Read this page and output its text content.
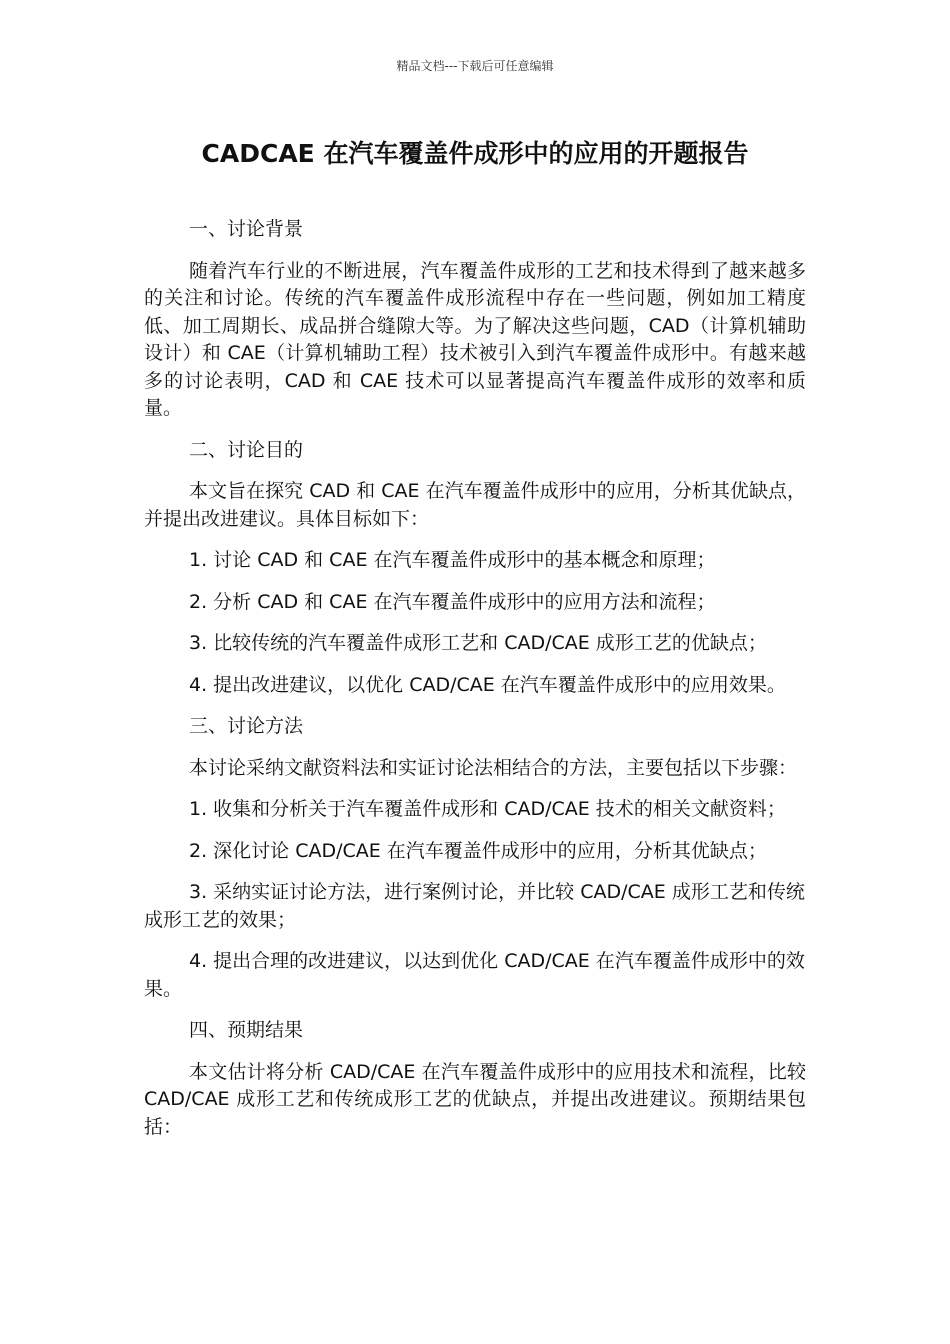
精品文档---下载后可任意编辑
CADCAE 在汽车覆盖件成形中的应用的开题报告

一、讨论背景

随着汽车行业的不断进展，汽车覆盖件成形的工艺和技术得到了越来越多的关注和讨论。传统的汽车覆盖件成形流程中存在一些问题，例如加工精度低、加工周期长、成品拼合缝隙大等。为了解决这些问题，CAD（计算机辅助设计）和 CAE（计算机辅助工程）技术被引入到汽车覆盖件成形中。有越来越多的讨论表明，CAD 和 CAE 技术可以显著提高汽车覆盖件成形的效率和质量。

二、讨论目的

本文旨在探究 CAD 和 CAE 在汽车覆盖件成形中的应用，分析其优缺点，并提出改进建议。具体目标如下：

1. 讨论 CAD 和 CAE 在汽车覆盖件成形中的基本概念和原理；

2. 分析 CAD 和 CAE 在汽车覆盖件成形中的应用方法和流程；

3. 比较传统的汽车覆盖件成形工艺和 CAD/CAE 成形工艺的优缺点；

4. 提出改进建议，以优化 CAD/CAE 在汽车覆盖件成形中的应用效果。

三、讨论方法

本讨论采纳文献资料法和实证讨论法相结合的方法，主要包括以下步骤：

1. 收集和分析关于汽车覆盖件成形和 CAD/CAE 技术的相关文献资料；

2. 深化讨论 CAD/CAE 在汽车覆盖件成形中的应用，分析其优缺点；

3. 采纳实证讨论方法，进行案例讨论，并比较 CAD/CAE 成形工艺和传统成形工艺的效果；

4. 提出合理的改进建议，以达到优化 CAD/CAE 在汽车覆盖件成形中的效果。

四、预期结果

本文估计将分析 CAD/CAE 在汽车覆盖件成形中的应用技术和流程，比较 CAD/CAE 成形工艺和传统成形工艺的优缺点，并提出改进建议。预期结果包括：
